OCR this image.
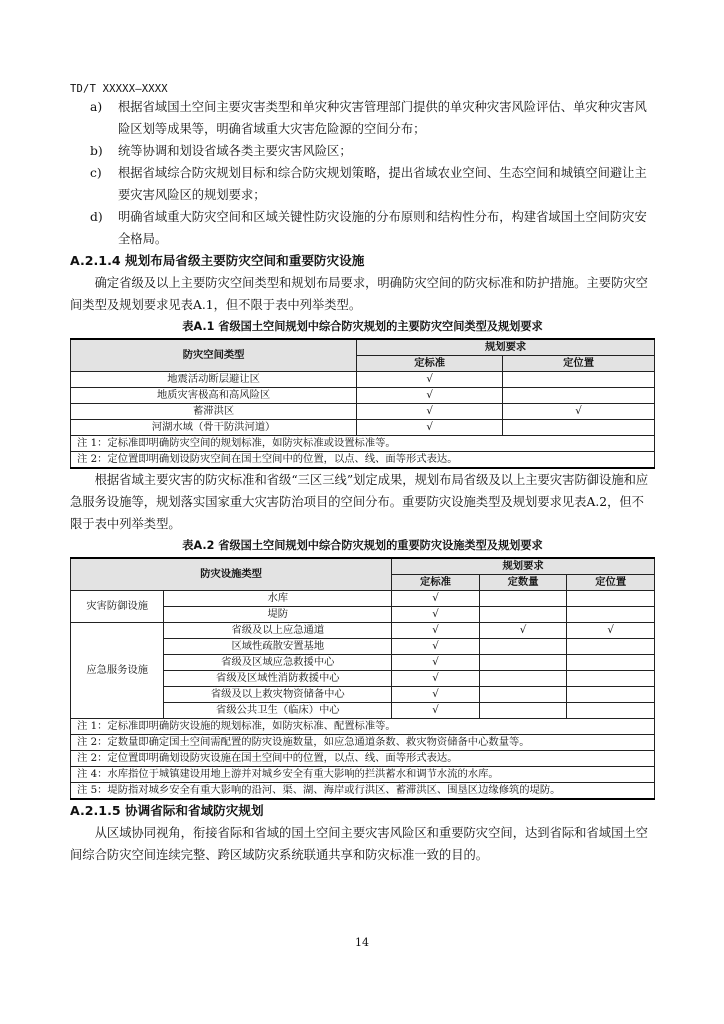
TD/T XXXXX—XXXX
a)	根据省域国土空间主要灾害类型和单灾种灾害管理部门提供的单灾种灾害风险评估、单灾种灾害风险区划等成果等，明确省域重大灾害危险源的空间分布；

b)	统等协调和划设省域各类主要灾害风险区；

c)	根据省域综合防灾规划目标和综合防灾规划策略，提出省域农业空间、生态空间和城镇空间避让主要灾害风险区的规划要求；

d)	明确省域重大防灾空间和区域关键性防灾设施的分布原则和结构性分布，构建省域国土空间防灾安全格局。

A.2.1.4 规划布局省级主要防灾空间和重要防灾设施

确定省级及以上主要防灾空间类型和规划布局要求，明确防灾空间的防灾标准和防护措施。主要防灾空间类型及规划要求见表A.1，但不限于表中列举类型。

表A.1 省级国土空间规划中综合防灾规划的主要防灾空间类型及规划要求

防灾空间类型	规划要求	
	定标准	定位置
地震活动断层避让区	√	
地质灾害极高和高风险区	√	
蓄滞洪区	√	√
河湖水域（骨干防洪河道）	√	
注 1：定标准即明确防灾空间的规划标准，如防灾标准或设置标准等。		
注 2：定位置即明确划设防灾空间在国土空间中的位置，以点、线、面等形式表达。		

根据省域主要灾害的防灾标准和省级“三区三线”划定成果，规划布局省级及以上主要灾害防御设施和应急服务设施等，规划落实国家重大灾害防治项目的空间分布。重要防灾设施类型及规划要求见表A.2，但不限于表中列举类型。

表A.2 省级国土空间规划中综合防灾规划的重要防灾设施类型及规划要求

防灾设施类型		规划要求		
		定标准	定数量	定位置
灾害防御设施	水库	√		
	堤防	√		
应急服务设施	省级及以上应急通道	√	√	√
	区域性疏散安置基地	√		
	省级及区域应急救援中心	√		
	省级及区域性消防救援中心	√		
	省级及以上救灾物资储备中心	√		
	省级公共卫生（临床）中心	√		
注 1：定标准即明确防灾设施的规划标准，如防灾标准、配置标准等。				
注 2：定数量即确定国土空间需配置的防灾设施数量，如应急通道条数、救灾物资储备中心数量等。				
注 2：定位置即明确划设防灾设施在国土空间中的位置，以点、线、面等形式表达。				
注 4：水库指位于城镇建设用地上游并对城乡安全有重大影响的拦洪蓄水和调节水流的水库。				
注 5：堤防指对城乡安全有重大影响的沿河、渠、湖、海岸或行洪区、蓄滞洪区、围垦区边缘修筑的堤防。				

A.2.1.5 协调省际和省域防灾规划

从区域协同视角，衔接省际和省域的国土空间主要灾害风险区和重要防灾空间，达到省际和省域国土空间综合防灾空间连续完整、跨区域防灾系统联通共享和防灾标准一致的目的。

14
